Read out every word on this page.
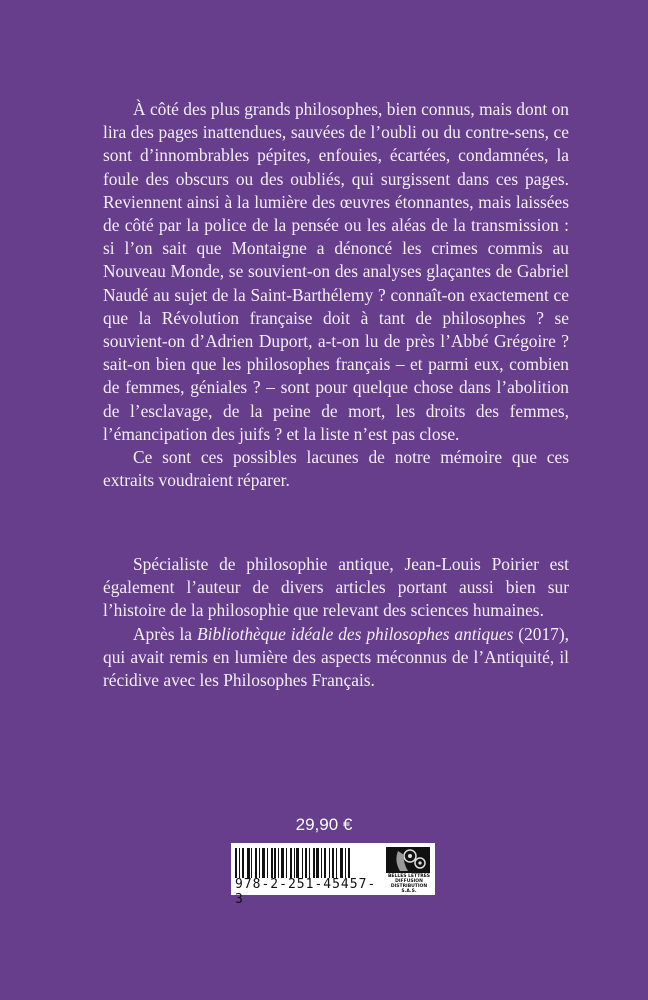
À côté des plus grands philosophes, bien connus, mais dont on lira des pages inattendues, sauvées de l’oubli ou du contre-sens, ce sont d’innombrables pépites, enfouies, écartées, condamnées, la foule des obscurs ou des oubliés, qui surgissent dans ces pages. Reviennent ainsi à la lumière des œuvres étonnantes, mais laissées de côté par la police de la pensée ou les aléas de la transmission : si l’on sait que Montaigne a dénoncé les crimes commis au Nouveau Monde, se souvient-on des analyses glaçantes de Gabriel Naudé au sujet de la Saint-Barthélemy ? connaît-on exactement ce que la Révolution française doit à tant de philosophes ? se souvient-on d’Adrien Duport, a-t-on lu de près l’Abbé Grégoire ? sait-on bien que les philosophes français – et parmi eux, combien de femmes, géniales ? – sont pour quelque chose dans l’abolition de l’esclavage, de la peine de mort, les droits des femmes, l’émancipation des juifs ? et la liste n’est pas close.

Ce sont ces possibles lacunes de notre mémoire que ces extraits voudraient réparer.

Spécialiste de philosophie antique, Jean-Louis Poirier est également l’auteur de divers articles portant aussi bien sur l’histoire de la philosophie que relevant des sciences humaines.

Après la Bibliothèque idéale des philosophes antiques (2017), qui avait remis en lumière des aspects méconnus de l’Antiquité, il récidive avec les Philosophes Français.

29,90 €
978-2-251-45457-3
BELLES LETTRES
DIFFUSION
DISTRIBUTION
S.A.S.
